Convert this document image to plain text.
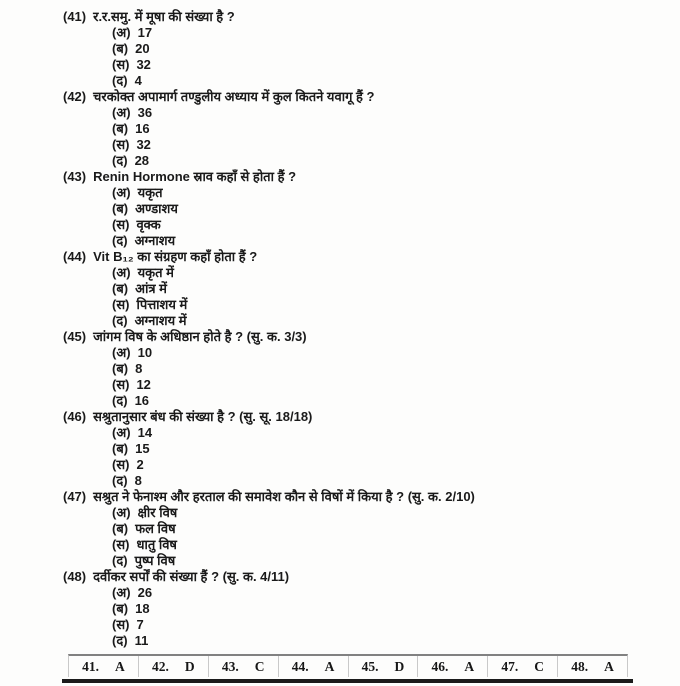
(41) र.र.समु. में मूषा की संख्या है ?
(अ) 17
(ब) 20
(स) 32
(द) 4
(42) चरकोक्त अपामार्ग तण्डुलीय अध्याय में कुल कितने यवागू हैं ?
(अ) 36
(ब) 16
(स) 32
(द) 28
(43) Renin Hormone स्राव कहाँ से होता हैं ?
(अ) यकृत
(ब) अण्डाशय
(स) वृक्क
(द) अग्नाशय
(44) Vit B₁₂ का संग्रहण कहाँ होता हैं ?
(अ) यकृत में
(ब) आंत्र में
(स) पित्ताशय में
(द) अग्नाशय में
(45) जांगम विष के अधिष्ठान होते है ? (सु. क. 3/3)
(अ) 10
(ब) 8
(स) 12
(द) 16
(46) सश्रुतानुसार बंध की संख्या है ? (सु. सू. 18/18)
(अ) 14
(ब) 15
(स) 2
(द) 8
(47) सश्रुत ने फेनाश्म और हरताल की समावेश कौन से विषों में किया है ? (सु. क. 2/10)
(अ) क्षीर विष
(ब) फल विष
(स) धातु विष
(द) पुष्प विष
(48) दर्वीकर सर्पों की संख्या हैं ? (सु. क. 4/11)
(अ) 26
(ब) 18
(स) 7
(द) 11
41. A 42. D 43. C 44. A 45. D 46. A 47. C 48. A
